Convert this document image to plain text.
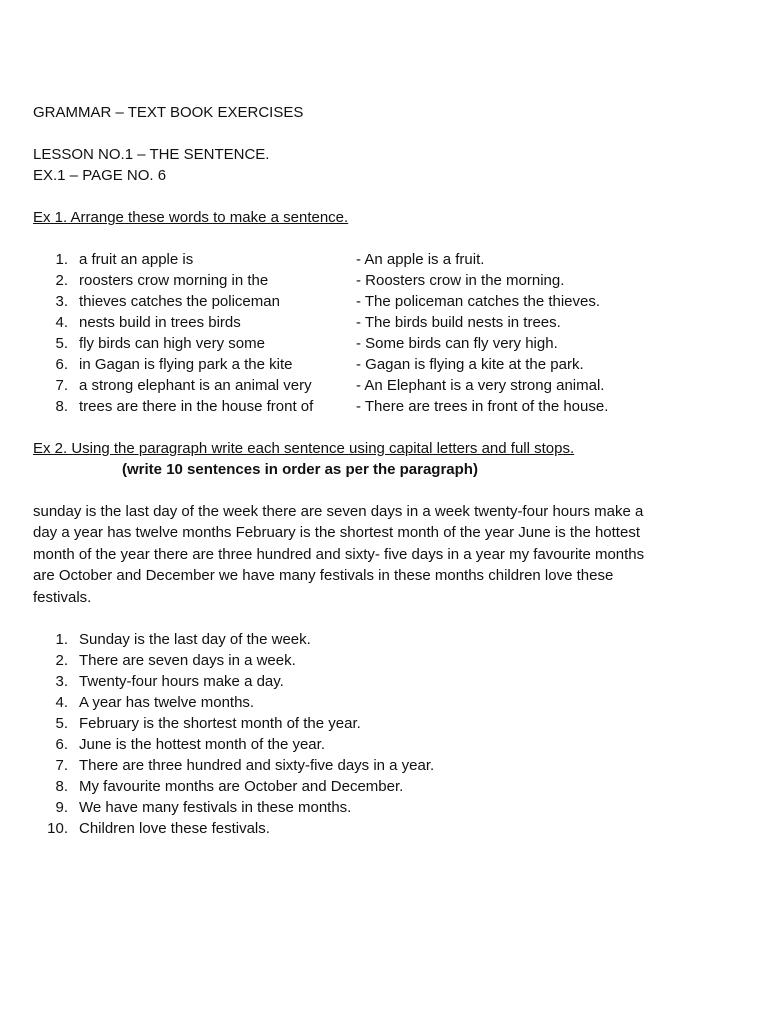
GRAMMAR – TEXT BOOK EXERCISES
LESSON NO.1 – THE SENTENCE.
EX.1 – PAGE NO. 6
Ex 1. Arrange these words to make a sentence.
1. a fruit an apple is	- An apple is a fruit.
2. roosters crow morning in the	- Roosters crow in the morning.
3. thieves catches the policeman	- The policeman catches the thieves.
4. nests build in trees birds	- The birds build nests in trees.
5. fly birds can high very some	- Some birds can fly very high.
6. in Gagan is flying park a the kite	- Gagan is flying a kite at the park.
7. a strong elephant is an animal very	- An Elephant is a very strong animal.
8. trees are there in the house front of	- There are trees in front of the house.
Ex 2. Using the paragraph write each sentence using capital letters and full stops.
(write 10 sentences in order as per the paragraph)
sunday is the last day of the week there are seven days in a week twenty-four hours make a
day a year has twelve months February is the shortest month of the year June is the hottest
month of the year there are three hundred and sixty- five days in a year my favourite months
are October and December we have many festivals in these months children love these
festivals.
1. Sunday is the last day of the week.
2. There are seven days in a week.
3. Twenty-four hours make a day.
4. A year has twelve months.
5. February is the shortest month of the year.
6. June is the hottest month of the year.
7. There are three hundred and sixty-five days in a year.
8. My favourite months are October and December.
9. We have many festivals in these months.
10. Children love these festivals.
